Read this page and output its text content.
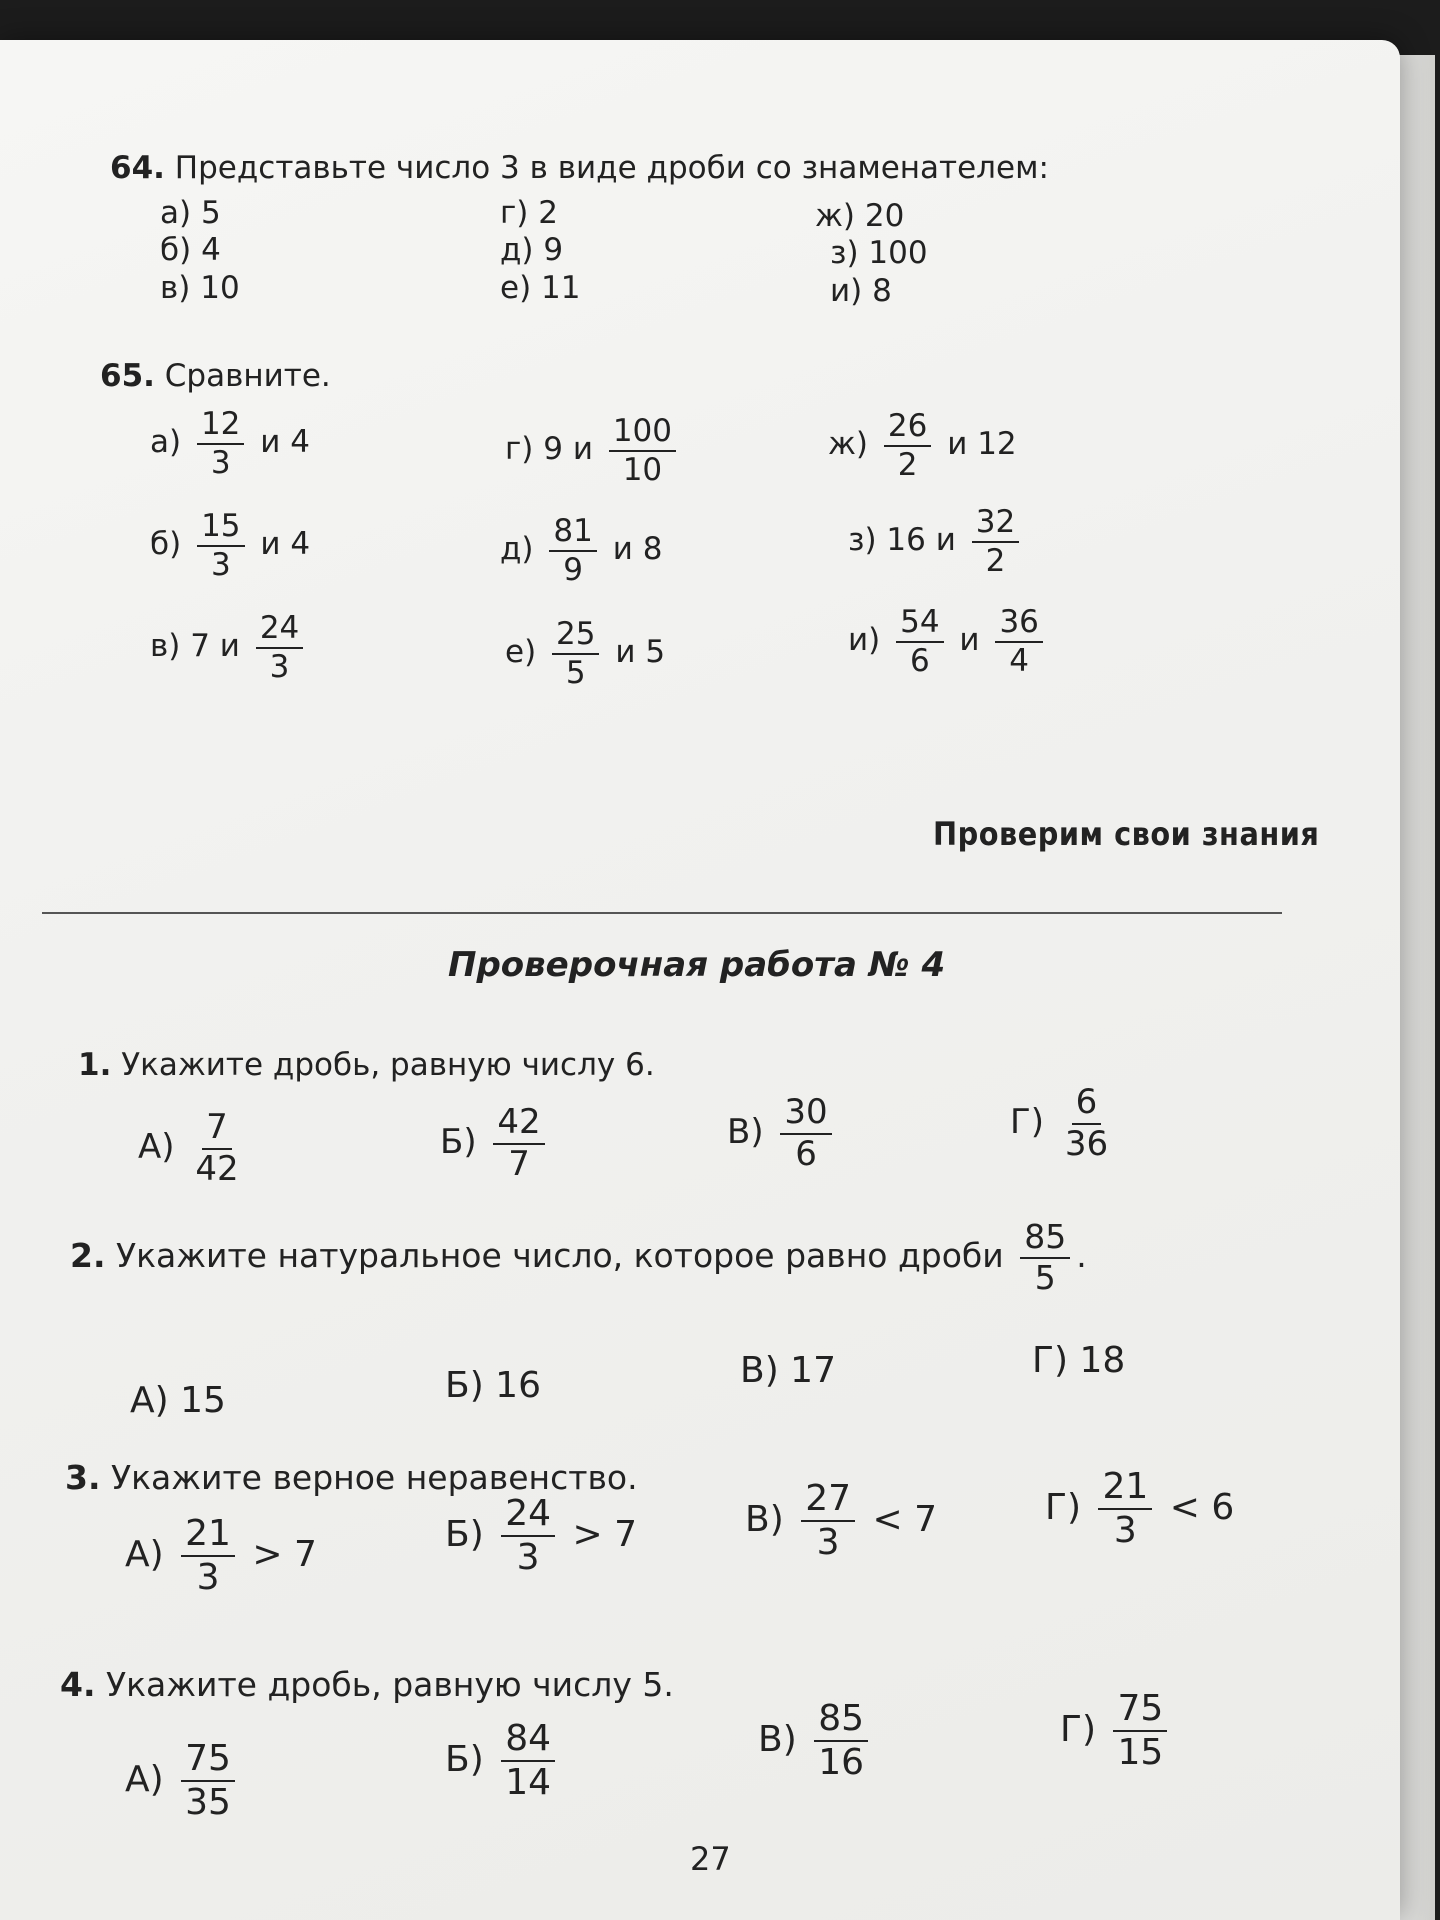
64. Представьте число 3 в виде дроби со знаменателем:
а) 5
б) 4
в) 10
г) 2
д) 9
е) 11
ж) 20
з) 100
и) 8
65. Сравните.
$а) \frac{12}{3}$ и 4
$б) \frac{15}{3}$ и 4
в) 7 и $\frac{24}{3}$
г) 9 и $\frac{100}{10}$
$д) \frac{81}{9}$ и 8
$е) \frac{25}{5}$ и 5
$ж) \frac{26}{2}$ и 12
з) 16 и $\frac{32}{2}$
$и) \frac{54}{6}$ и $\frac{36}{4}$
Проверим свои знания
Проверочная работа № 4
1. Укажите дробь, равную числу 6.
$А) \frac{7}{42}$	$Б) \frac{42}{7}$	$В) \frac{30}{6}$	$Г) \frac{6}{36}$
2. Укажите натуральное число, которое равно дроби $\frac{85}{5}$ .
А) 15	Б) 16	В) 17	Г) 18
3. Укажите верное неравенство.
$А) \frac{21}{3} > 7$	$Б) \frac{24}{3} > 7$	$В) \frac{27}{3} < 7$	$Г) \frac{21}{3} < 6$
4. Укажите дробь, равную числу 5.
$А) \frac{75}{35}$	$Б) \frac{84}{14}$	$В) \frac{85}{16}$	$Г) \frac{75}{15}$
27
